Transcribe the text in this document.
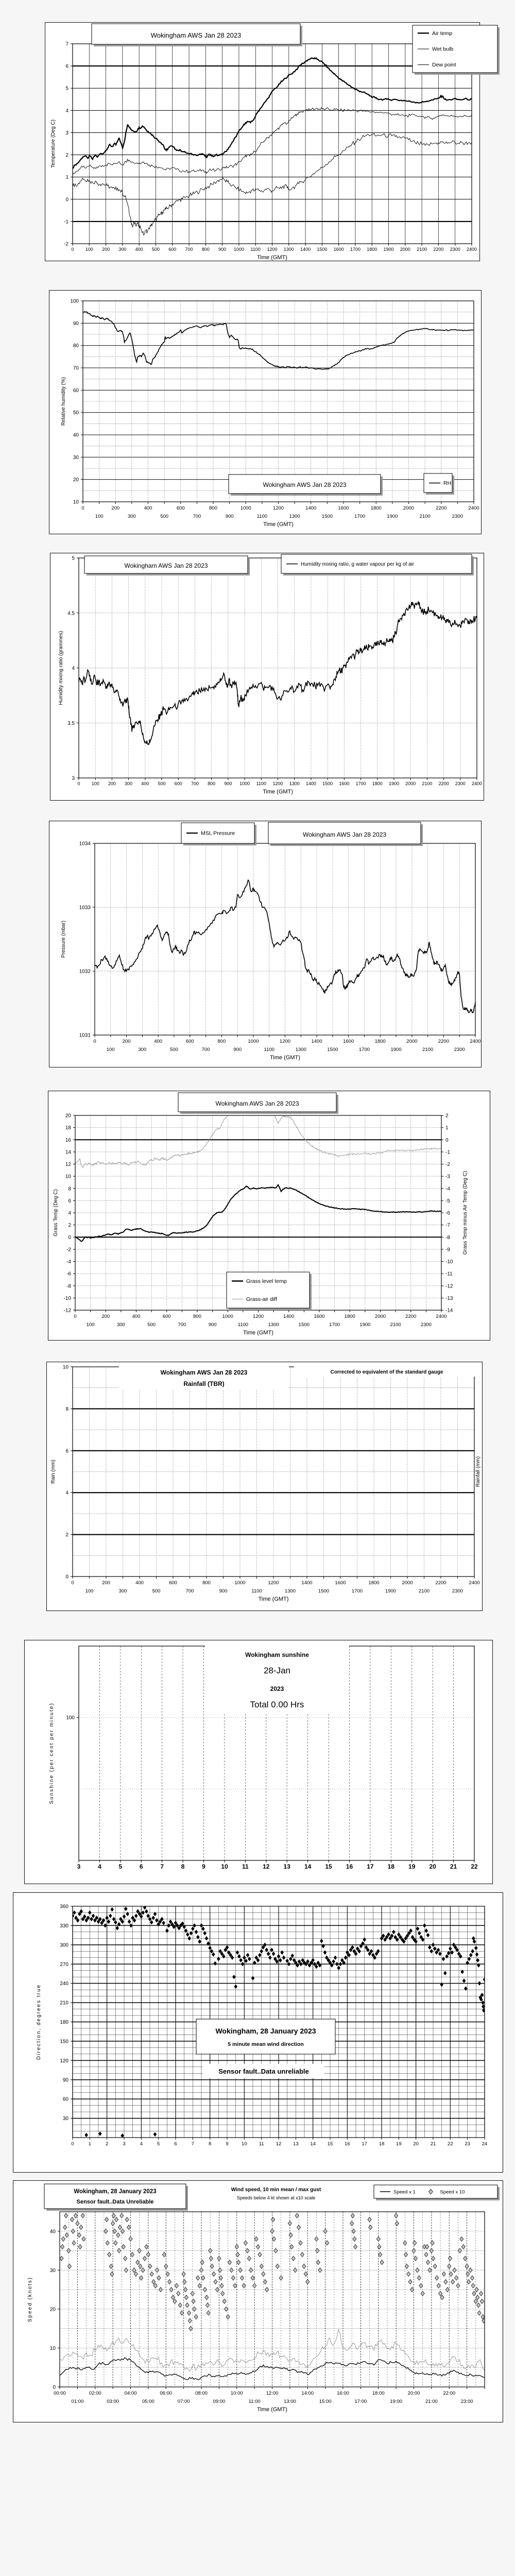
0 100 200 300 400 500 600 700 800 900 1000 1100 1200 1300 1400 1500 1600 1700 1800 1900 2000 2100 2200 2300 2400
Time (GMT)
-2
-1
0
1
2
3
4
5
6
7
Temperature (Deg C)
Wokingham AWS Jan 28 2023	Air temp
Wet bulb
Dew point
0
100
200
300
400
500
600
700
800
900
1000
1100
1200
1300
1400
1500
1600
1700
1800
1900
2000
2100
2200
2300
2400
Time (GMT)
10
20
30
40
50
60
70
80
90
100
Relative humidity (%)
Wokingham AWS Jan 28 2023	RH
0 100 200 300 400 500 600 700 800 900 1000 1100 1200 1300 1400 1500 1600 1700 1800 1900 2000 2100 2200 2300 2400
Time (GMT)
3
3.5
4
4.5
5
Humidity mixing ratio (grammes)
Wokingham AWS Jan 28 2023	Humidity mixing ratio, g water vapour per kg of air
0
100
200
300
400
500
600
700
800
900
1000
1100
1200
1300
1400
1500
1600
1700
1800
1900
2000
2100
2200
2300
2400
Time (GMT)
1031
1032
1033
1034
Pressure (mbar)
Wokingham AWS Jan 28 2023
MSL Pressure
0
100
200
300
400
500
600
700
800
900
1000
1100
1200
1300
1400
1500
1600
1700
1800
1900
2000
2100
2200
2300
2400
Time (GMT)
-12
-10
-8
-6
-4
-2
0
2
4
6
8
10
12
14
16
18
20
Grass Temp (Deg C)
-14
-13
-12
-11
-10
-9
-8
-7
-6
-5
-4
-3
-2
-1
0
1
2
Grass Temp minus Air Temp (Deg C)
Wokingham AWS Jan 28 2023
Grass level temp
Grass-air diff
0
100
200
300
400
500
600
700
800
900
1000
1100
1200
1300
1400
1500
1600
1700
1800
1900
2000
2100
2200
2300
2400
Time (GMT)
0
2
4
6
8
10
Rain (mm)	Rainfall (mm)
Wokingham AWS Jan 28 2023
Rainfall (TBR)
Corrected to equivalent of the standard gauge
3	4	5	6	7	8	9	10 11 12 13 14 15 16 17 18 19 20 21 22
100
Sunshine (per cent per minute)
Wokingham sunshine
28-Jan
2023
Total 0.00 Hrs
0	1	2	3	4	5	6	7	8	9	10 11 12 13 14 15 16 17 18 19 20 21 22 23 24
30
60
90
120
150
180
210
240
270
300
330
360
Direction, degrees true	Wokingham, 28 January 2023
5 minute mean wind direction
Sensor fault..Data unreliable
00:00
01:00
02:00
03:00
04:00
05:00
06:00
07:00
08:00
09:00
10:00
11:00
12:00
13:00
14:00
15:00
16:00
17:00
18:00
19:00
20:00
21:00
22:00
23:00
Time (GMT)
0
10
20
30
40
Speed (knots)
Wokingham, 28 January 2023
Sensor fault..Data Unreliable
Wind speed, 10 min mean / max gust
Speeds below 4 kt shown at x10 scale
Speed x 1	Speed x 10
